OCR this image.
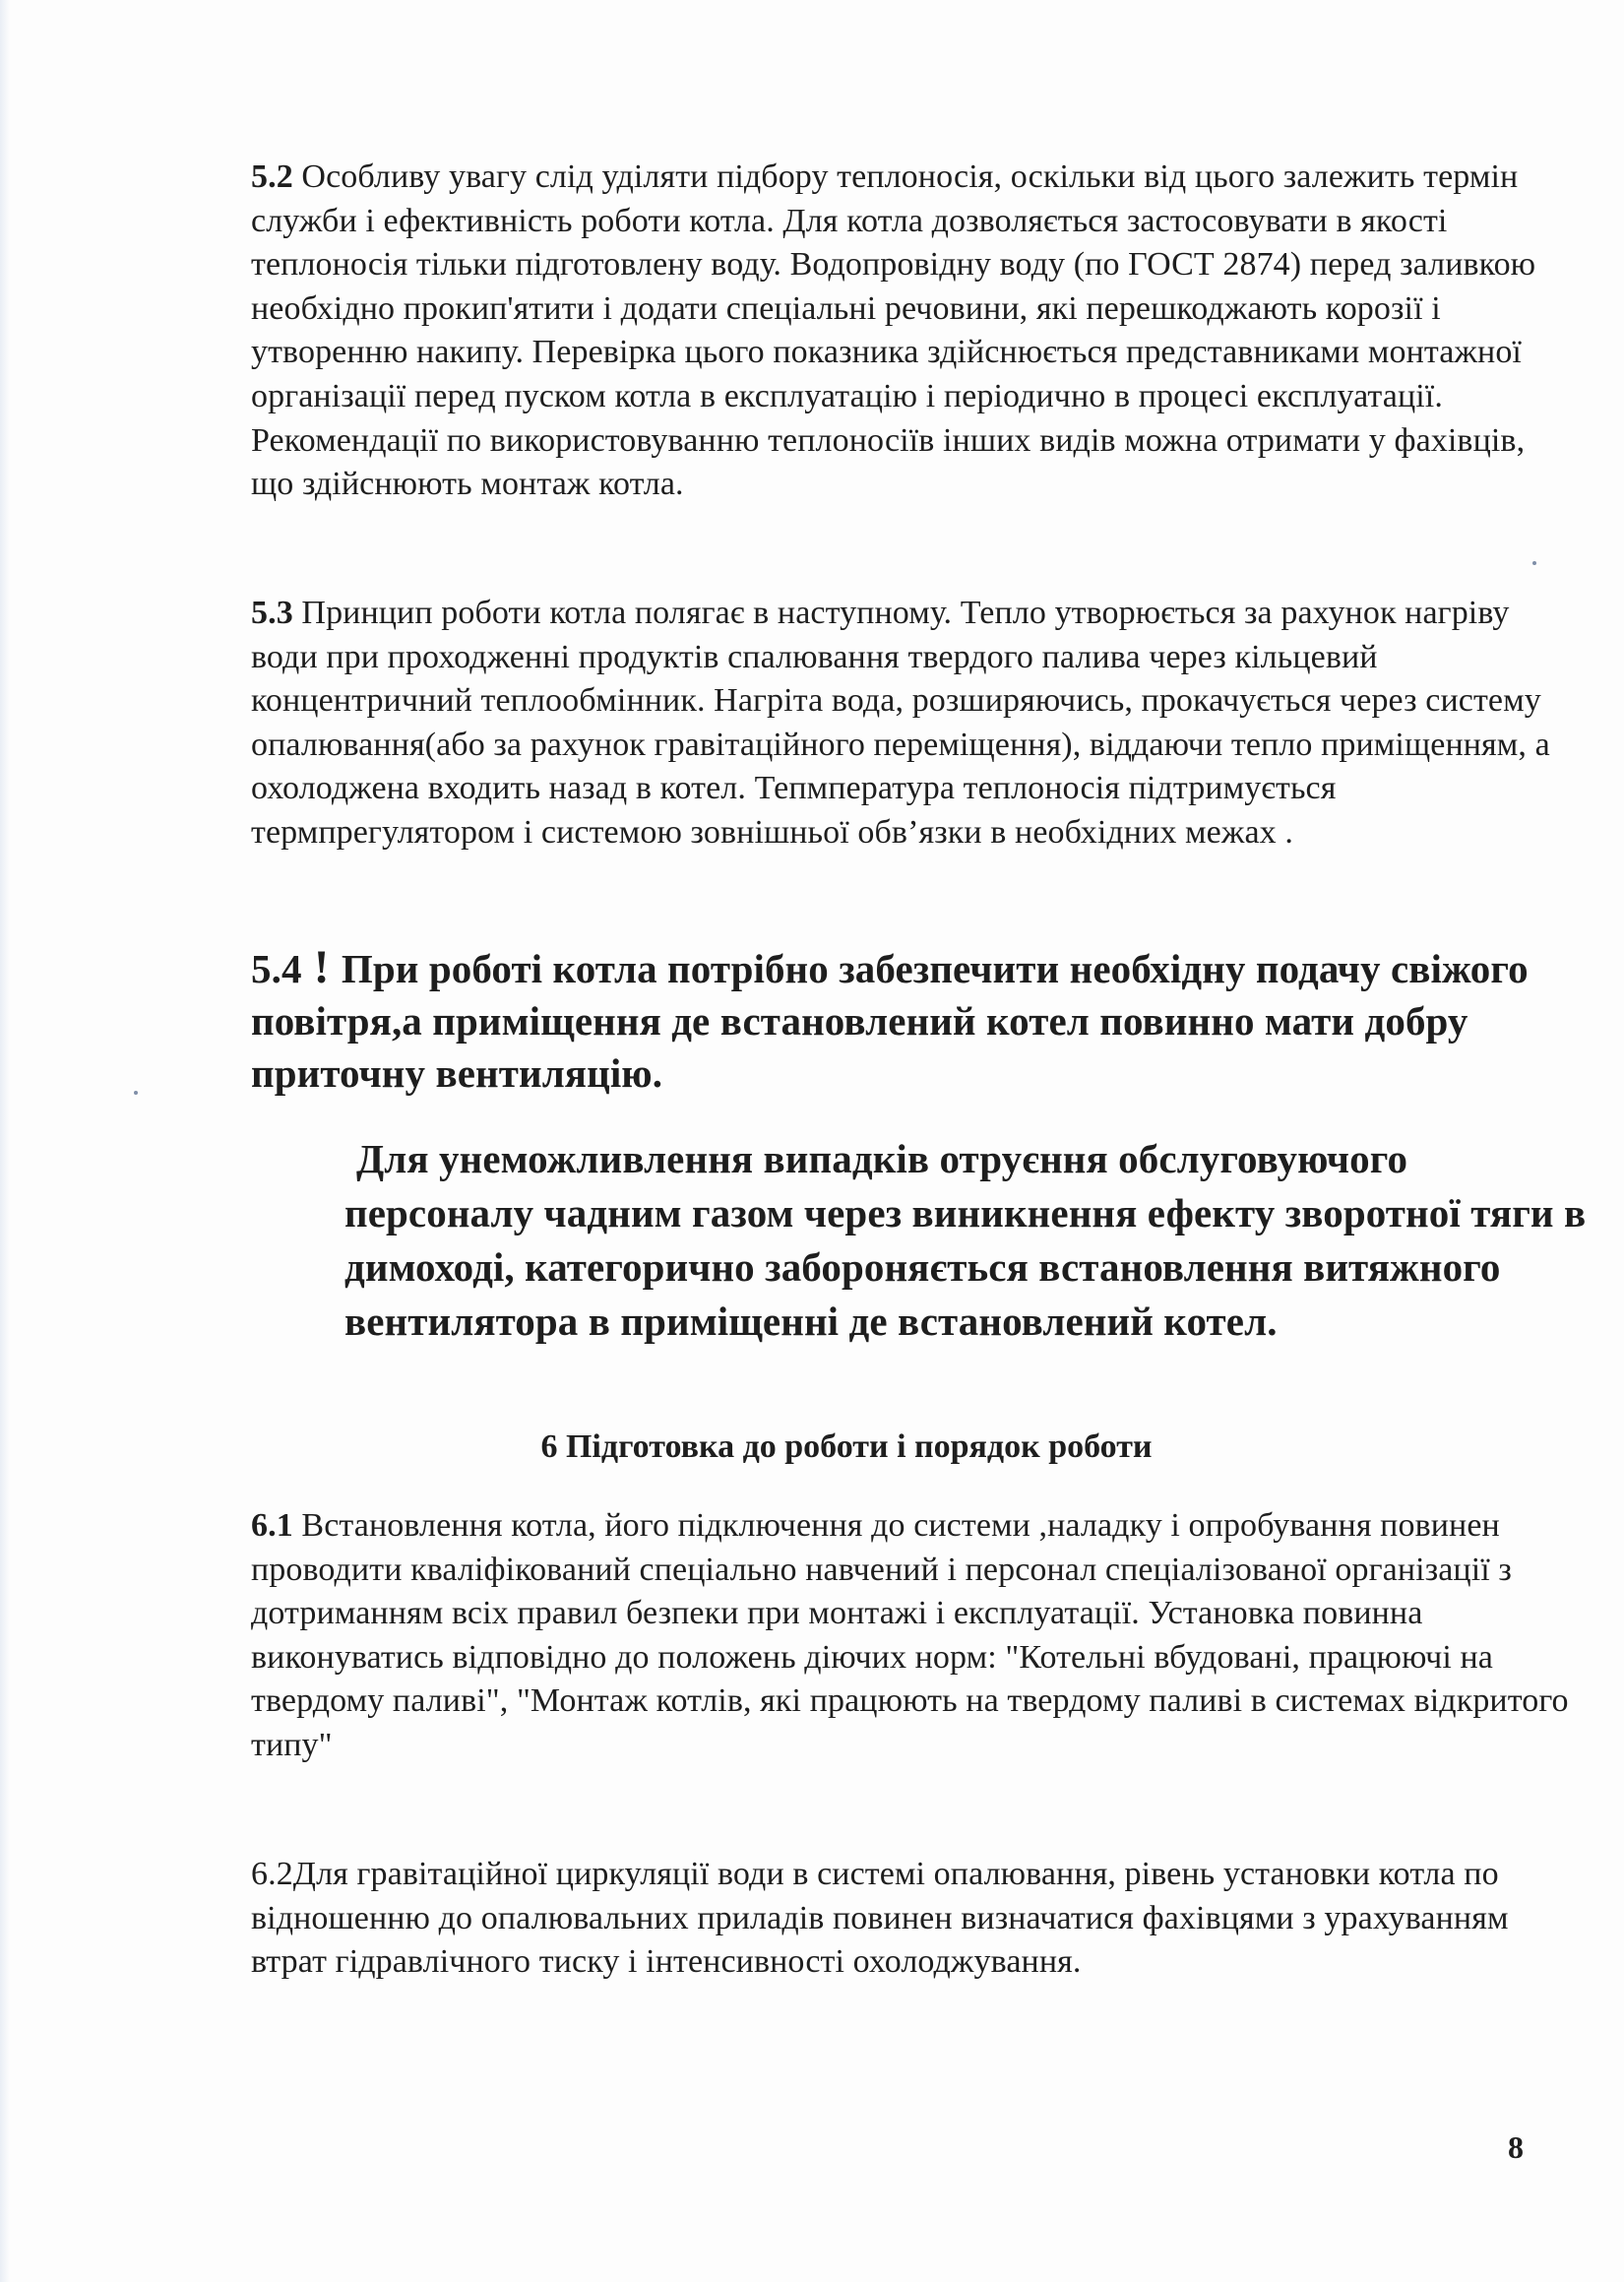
5.2 Особливу увагу слід уділяти підбору теплоносія, оскільки від цього залежить термін служби і ефективність роботи котла. Для котла дозволяється застосовувати в якості теплоносія тільки підготовлену воду. Водопровідну воду (по ГОСТ 2874) перед заливкою необхідно прокип'ятити і додати спеціальні речовини, які перешкоджають корозії і утворенню накипу. Перевірка цього показника здійснюється представниками монтажної організації перед пуском котла в експлуатацію і періодично в процесі експлуатації. Рекомендації по використовуванню теплоносіїв інших видів можна отримати у фахівців, що здійснюють монтаж котла.

5.3 Принцип роботи котла полягає в наступному. Тепло утворюється за рахунок нагріву води при проходженні продуктів спалювання твердого палива через кільцевий концентричний теплообмінник. Нагріта вода, розширяючись, прокачується через систему опалювання(або за рахунок гравітаційного переміщення), віддаючи тепло приміщенням, а охолоджена входить назад в котел. Тепмпература теплоносія підтримується термпрегулятором і системою зовнішньої обв’язки в необхідних межах .

5.4 ! При роботі котла потрібно забезпечити необхідну подачу свіжого повітря,а приміщення де встановлений котел повинно мати добру приточну вентиляцію.

Для унеможливлення випадків отруєння обслуговуючого персоналу чадним газом через виникнення ефекту зворотної тяги в димоході, категорично забороняється встановлення витяжного вентилятора в приміщенні де встановлений котел.

6 Підготовка до роботи і порядок роботи

6.1 Встановлення котла, його підключення до системи ,наладку і опробування повинен проводити кваліфікований спеціально навчений і персонал спеціалізованої організації з дотриманням всіх правил безпеки при монтажі і експлуатації. Установка повинна виконуватись відповідно до положень діючих норм: "Котельні вбудовані, працюючі на твердому паливі", "Монтаж котлів, які працюють на твердому паливі в системах відкритого типу"

6.2Для гравітаційної циркуляції води в системі опалювання, рівень установки котла по відношенню до опалювальних приладів повинен визначатися фахівцями з урахуванням втрат гідравлічного тиску і інтенсивності охолоджування.

8
